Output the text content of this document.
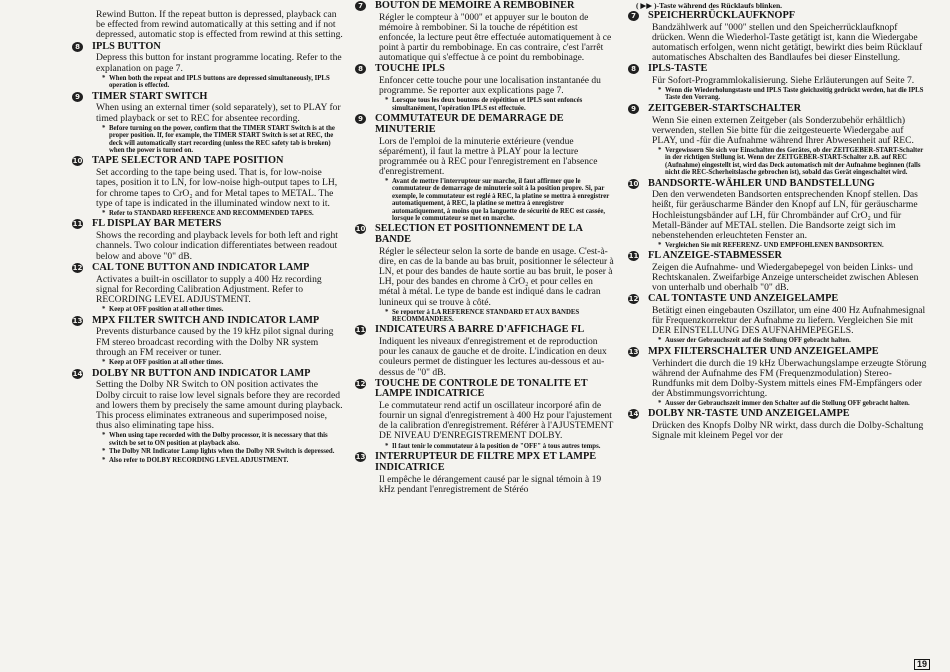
Rewind Button. If the repeat button is depressed, playback can be effected from rewind automatically at this setting and if not depressed, automatic stop is effected from rewind at this setting.
8	IPLS BUTTON
Depress this button for instant programme locating. Refer to the explanation on page 7.
* When both the repeat and IPLS buttons are depressed simultaneously, IPLS operation is effected.
9	TIMER START SWITCH
When using an external timer (sold separately), set to PLAY for timed playback or set to REC for absentee recording.
* Before turning on the power, confirm that the TIMER START Switch is at the proper position. If, for example, the TIMER START Switch is set at REC, the deck will automatically start recording (unless the REC safety tab is broken) when the power is turned on.
10 TAPE SELECTOR AND TAPE POSITION
Set according to the tape being used. That is, for low-noise tapes, position it to LN, for low-noise high-output tapes to LH, for chrome tapes to CrO₂ and for Metal tapes to METAL. The type of tape is indicated in the illuminated window next to it.
* Refer to STANDARD REFERENCE AND RECOMMENDED TAPES.
11 FL DISPLAY BAR METERS
Shows the recording and playback levels for both left and right channels. Two colour indication differentiates between readout below and above "0" dB.
12 CAL TONE BUTTON AND INDICATOR LAMP
Activates a built-in oscillator to supply a 400 Hz recording signal for Recording Calibration Adjustment. Refer to RECORDING LEVEL ADJUSTMENT.
* Keep at OFF position at all other times.
13 MPX FILTER SWITCH AND INDICATOR LAMP
Prevents disturbance caused by the 19 kHz pilot signal during FM stereo broadcast recording with the Dolby NR system through an FM receiver or tuner.
* Keep at OFF position at all other times.
14 DOLBY NR BUTTON AND INDICATOR LAMP
Setting the Dolby NR Switch to ON position activates the Dolby circuit to raise low level signals before they are recorded and lowers them by precisely the same amount during playback. This process eliminates extraneous and superimposed noise, thus also eliminating tape hiss.
* When using tape recorded with the Dolby processor, it is necessary that this switch be set to ON position at playback also.
* The Dolby NR Indicator Lamp lights when the Dolby NR Switch is depressed.
* Also refer to DOLBY RECORDING LEVEL ADJUSTMENT.
7	BOUTON DE MEMOIRE A REMBOBINER
Régler le compteur à "000" et appuyer sur le bouton de mémoire à rembobiner. Si la touche de répétition est enfoncée, la lecture peut être effectuée automatiquement à ce point à partir du rembobinage. En cas contraire, c'est l'arrêt automatique qui s'effectue à ce point du rembobinage.
8	TOUCHE IPLS
Enfoncer cette touche pour une localisation instantanée du programme. Se reporter aux explications page 7.
* Lorsque tous les deux boutons de répétition et IPLS sont enfoncés simultanément, l'opération IPLS est effectuée.
9	COMMUTATEUR DE DEMARRAGE DE MINUTERIE
Lors de l'emploi de la minuterie extérieure (vendue séparément), il faut la mettre à PLAY pour la lecture programmée ou à REC pour l'enregistrement en l'absence d'enregistrement.
* Avant de mettre l'interrupteur sur marche, il faut affirmer que le commutateur de demarrage de minuterie soit à la position propre. Si, par exemple, le commutateur est reglé à REC, la platine se mettra à enregistrer automatiquement, à REC, la platine se mettra à enregistrer automatiquement, à moins que la languette de sécurité de REC est cassée, lorsque le commutateur se met en marche.
10 SELECTION ET POSITIONNEMENT DE LA BANDE
Régler le sélecteur selon la sorte de bande en usage. C'est-à-dire, en cas de la bande au bas bruit, positionner le sélecteur à LN, et pour des bandes de haute sortie au bas bruit, le poser à LH, pour des bandes en chrome à CrO₂ et pour celles en métal à métal. Le type de bande est indiqué dans le cadran lunineux qui se trouve à côté.
* Se reporter à LA REFERENCE STANDARD ET AUX BANDES RECOMMANDEES.
11 INDICATEURS A BARRE D'AFFICHAGE FL
Indiquent les niveaux d'enregistrement et de reproduction pour les canaux de gauche et de droite. L'indication en deux couleurs permet de distinguer les lectures au-dessous et au-dessus de "0" dB.
12 TOUCHE DE CONTROLE DE TONALITE ET LAMPE INDICATRICE
Le commutateur rend actif un oscillateur incorporé afin de fournir un signal d'enregistrement à 400 Hz pour l'ajustement de la calibration d'enregistrement. Référer à l'AJUSTEMENT DE NIVEAU D'ENREGISTREMENT DOLBY.
* Il faut tenir le commutateur à la position de "OFF" à tous autres temps.
13 INTERRUPTEUR DE FILTRE MPX ET LAMPE INDICATRICE
Il empêche le dérangement causé par le signal témoin à 19 kHz pendant l'enregistrement de Stéréo
( ▶▶ )-Taste während des Rücklaufs blinken.
7	SPEICHERRÜCKLAUFKNOPF
Bandzählwerk auf "000" stellen und den Speicherrücklaufknopf drücken. Wenn die Wiederhol-Taste getätigt ist, kann die Wiedergabe automatisch erfolgen, wenn nicht getätigt, bewirkt dies beim Rücklauf automatisches Abschalten des Bandlaufes bei dieser Einstellung.
8	IPLS-TASTE
Für Sofort-Programmlokalisierung. Siehe Erläuterungen auf Seite 7.
* Wenn die Wiederholungstaste und IPLS Taste gleichzeitig gedrückt werden, hat die IPLS Taste den Vorrang.
9	ZEITGEBER-STARTSCHALTER
Wenn Sie einen externen Zeitgeber (als Sonderzubehör erhältlich) verwenden, stellen Sie bitte für die zeitgesteuerte Wiedergabe auf PLAY, und -für die Aufnahme während Ihrer Abwesenheit auf REC.
* Vergewissern Sie sich vor Einschalten des Gerätes, ob der ZEITGEBER-START-Schalter in der richtigen Stellung ist. Wenn der ZEITGEBER-START-Schalter z.B. auf REC (Aufnahme) eingestellt ist, wird das Deck automatisch mit der Aufnahme beginnen (falls nicht die REC-Scherheitslasche gebrochen ist), sobald das Gerät eingeschaltet wird.
10 BANDSORTE-WÄHLER UND BANDSTELLUNG
Den den verwendeten Bandsorten entsprechenden Knopf stellen. Das heißt, für geräuscharme Bänder den Knopf auf LN, für geräuscharme Hochleistungsbänder auf LH, für Chrombänder auf CrO₂ und für Metall-Bänder auf METAL stellen. Die Bandsorte zeigt sich im nebenstehenden erleuchteten Fenster an.
* Vergleichen Sie mit REFERENZ- UND EMPFOHLENEN BANDSORTEN.
11 FL ANZEIGE-STABMESSER
Zeigen die Aufnahme- und Wiedergabepegel von beiden Links- und Rechtskanalen. Zweifarbige Anzeige unterscheidet zwischen Ablesen von unterhalb und oberhalb "0" dB.
12 CAL TONTASTE UND ANZEIGELAMPE
Betätigt einen eingebauten Oszillator, um eine 400 Hz Aufnahmesignal für Frequenzkorrektur der Aufnahme zu liefern. Vergleichen Sie mit DER EINSTELLUNG DES AUFNAHMEPEGELS.
* Ausser der Gebrauchszeit auf die Stellung OFF gebracht halten.
13 MPX FILTERSCHALTER UND ANZEIGELAMPE
Verhindert die durch die 19 kHz Überwachungslampe erzeugte Störung während der Aufnahme des FM (Frequenzmodulation) Stereo-Rundfunks mit dem Dolby-System mittels eines FM-Empfängers oder der Abstimmungsvorrichtung.
* Ausser der Gebrauchszeit immer den Schalter auf die Stellung OFF gebracht halten.
14 DOLBY NR-TASTE UND ANZEIGELAMPE
Drücken des Knopfs Dolby NR wirkt, dass durch die Dolby-Schaltung Signale mit kleinem Pegel vor der
19
